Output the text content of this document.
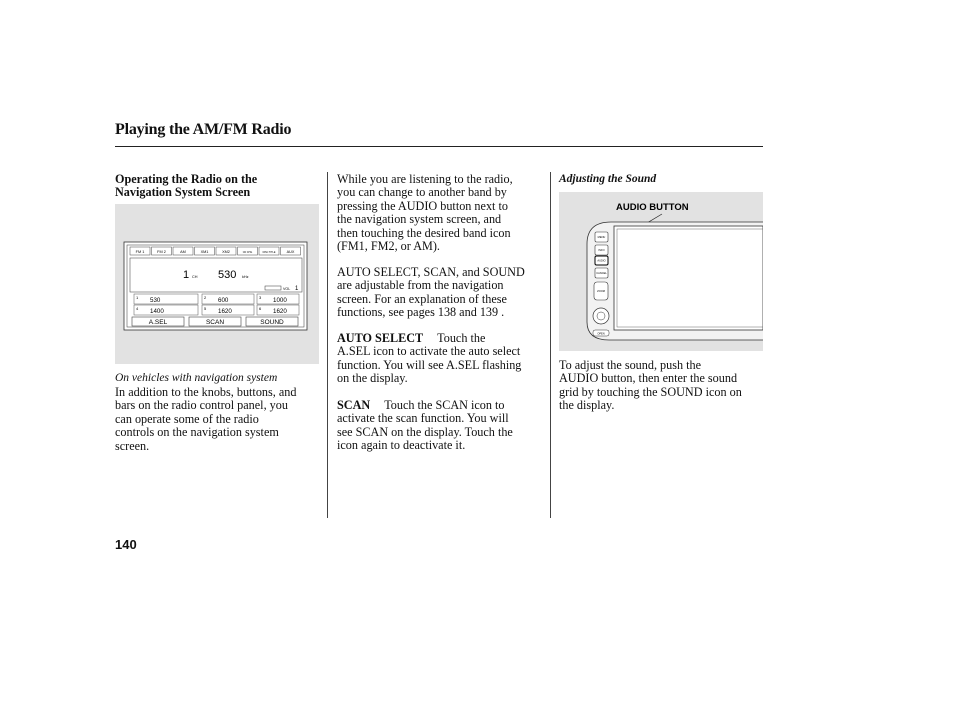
Playing the AM/FM Radio
Operating the Radio on the
Navigation System Screen
FM 1	FM 2	AM	XM1	XM2	CD CHG	DISC TITLE	AUX
1 CH 530 kHz
VOL 1
1 530	2 600	3 1000
4 1400	5 1620	6 1620
A.SEL	SCAN	SOUND
On vehicles with navigation system
In addition to the knobs, buttons, and
bars on the radio control panel, you
can operate some of the radio
controls on the navigation system
screen.
While you are listening to the radio,
you can change to another band by
pressing the AUDIO button next to
the navigation system screen, and
then touching the desired band icon
(FM1, FM2, or AM).
AUTO SELECT, SCAN, and SOUND
are adjustable from the navigation
screen. For an explanation of these
functions, see pages 138 and 139 .
AUTO SELECT Touch the
A.SEL icon to activate the auto select
function. You will see A.SEL flashing
on the display.
SCAN Touch the SCAN icon to
activate the scan function. You will
see SCAN on the display. Touch the
icon again to deactivate it.
Adjusting the Sound
AUDIO BUTTON
MENU
INFO
AUDIO
CANCEL
ZOOM
OPEN
To adjust the sound, push the
AUDIO button, then enter the sound
grid by touching the SOUND icon on
the display.
140
